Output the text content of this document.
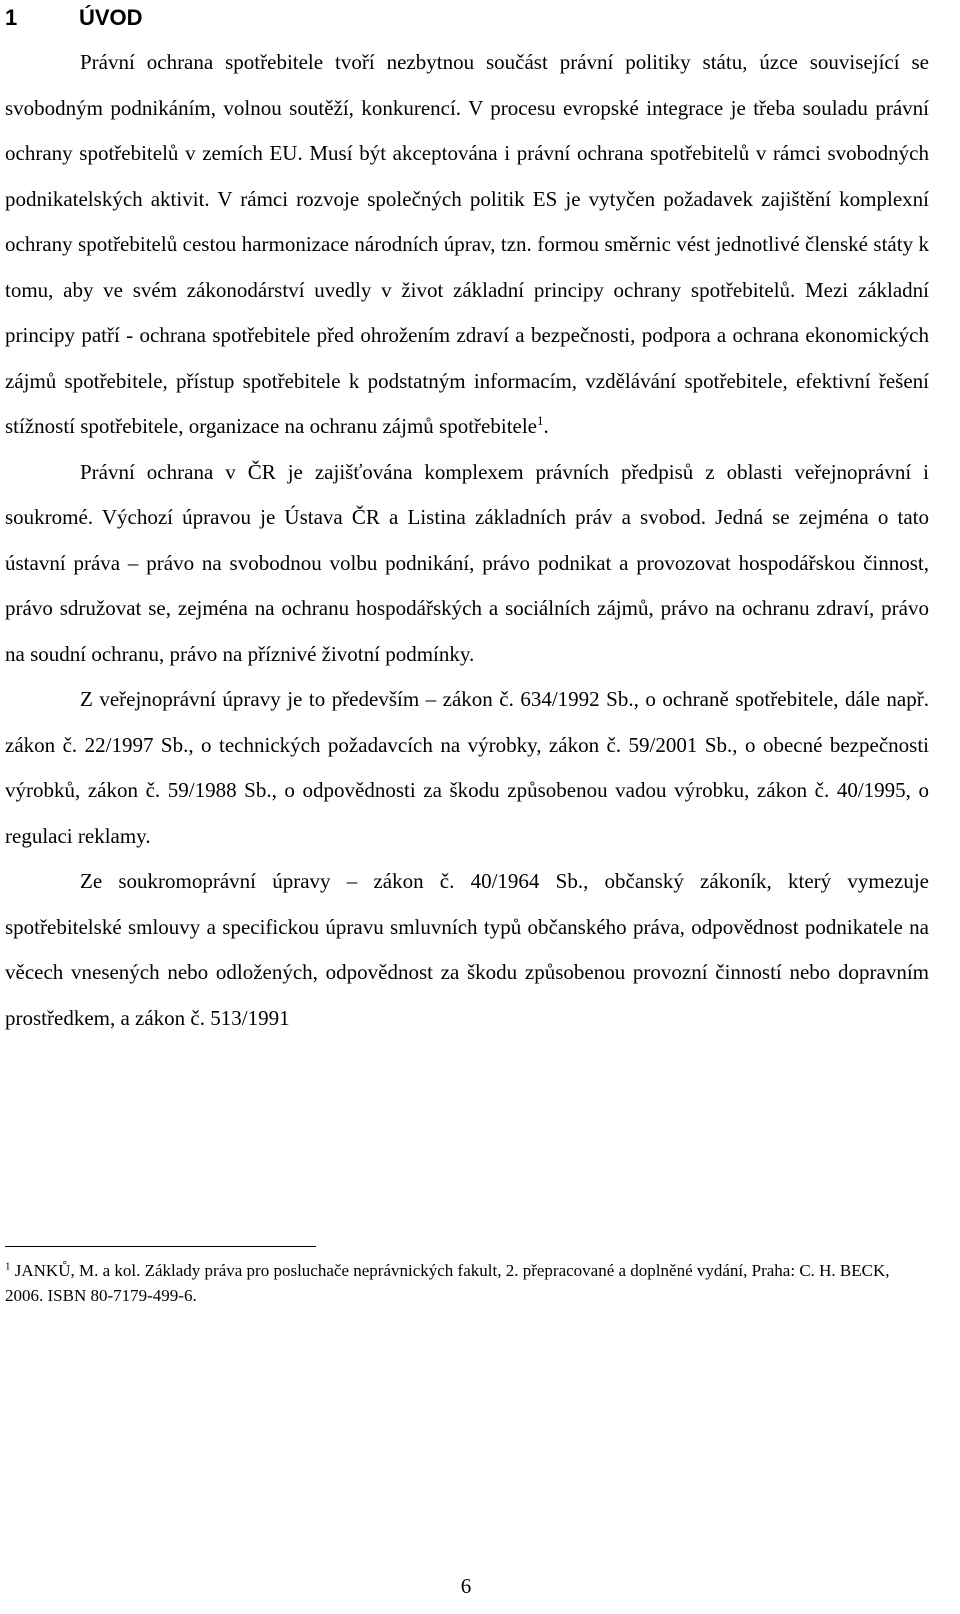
1	ÚVOD

Právní ochrana spotřebitele tvoří nezbytnou součást právní politiky státu, úzce související se svobodným podnikáním, volnou soutěží, konkurencí. V procesu evropské integrace je třeba souladu právní ochrany spotřebitelů v zemích EU. Musí být akceptována i právní ochrana spotřebitelů v rámci svobodných podnikatelských aktivit. V rámci rozvoje společných politik ES je vytyčen požadavek zajištění komplexní ochrany spotřebitelů cestou harmonizace národních úprav, tzn. formou směrnic vést jednotlivé členské státy k tomu, aby ve svém zákonodárství uvedly v život základní principy ochrany spotřebitelů. Mezi základní principy patří - ochrana spotřebitele před ohrožením zdraví a bezpečnosti, podpora a ochrana ekonomických zájmů spotřebitele, přístup spotřebitele k podstatným informacím, vzdělávání spotřebitele, efektivní řešení stížností spotřebitele, organizace na ochranu zájmů spotřebitele$^1$.

Právní ochrana v ČR je zajišťována komplexem právních předpisů z oblasti veřejnoprávní i soukromé. Výchozí úpravou je Ústava ČR a Listina základních práv a svobod. Jedná se zejména o tato ústavní práva – právo na svobodnou volbu podnikání, právo podnikat a provozovat hospodářskou činnost, právo sdružovat se, zejména na ochranu hospodářských a sociálních zájmů, právo na ochranu zdraví, právo na soudní ochranu, právo na příznivé životní podmínky.

Z veřejnoprávní úpravy je to především – zákon č. 634/1992 Sb., o ochraně spotřebitele, dále např. zákon č. 22/1997 Sb., o technických požadavcích na výrobky, zákon č. 59/2001 Sb., o obecné bezpečnosti výrobků, zákon č. 59/1988 Sb., o odpovědnosti za škodu způsobenou vadou výrobku, zákon č. 40/1995, o regulaci reklamy.

Ze soukromoprávní úpravy – zákon č. 40/1964 Sb., občanský zákoník, který vymezuje spotřebitelské smlouvy a specifickou úpravu smluvních typů občanského práva, odpovědnost podnikatele na věcech vnesených nebo odložených, odpovědnost za škodu způsobenou provozní činností nebo dopravním prostředkem, a zákon č. 513/1991

$^1$ JANKŮ, M. a kol. Základy práva pro posluchače neprávnických fakult, 2. přepracované a doplněné vydání, Praha: C. H. BECK, 2006. ISBN 80-7179-499-6.

6
